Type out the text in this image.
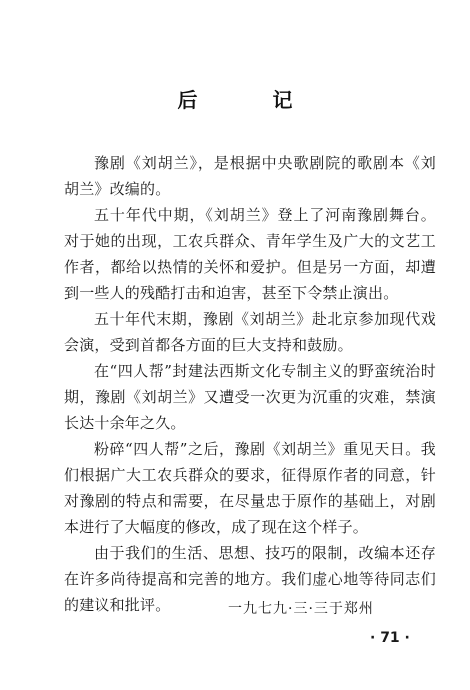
后 记

豫剧《刘胡兰》，是根据中央歌剧院的歌剧本《刘胡兰》改编的。

五十年代中期，《刘胡兰》登上了河南豫剧舞台。对于她的出现，工农兵群众、青年学生及广大的文艺工作者，都给以热情的关怀和爱护。但是另一方面，却遭到一些人的残酷打击和迫害，甚至下令禁止演出。

五十年代末期，豫剧《刘胡兰》赴北京参加现代戏会演，受到首都各方面的巨大支持和鼓励。

在“四人帮”封建法西斯文化专制主义的野蛮统治时期，豫剧《刘胡兰》又遭受一次更为沉重的灾难，禁演长达十余年之久。

粉碎“四人帮”之后，豫剧《刘胡兰》重见天日。我们根据广大工农兵群众的要求，征得原作者的同意，针对豫剧的特点和需要，在尽量忠于原作的基础上，对剧本进行了大幅度的修改，成了现在这个样子。

由于我们的生活、思想、技巧的限制，改编本还存在许多尚待提高和完善的地方。我们虚心地等待同志们的建议和批评。	一九七九·三·三于郑州
· 71 ·
